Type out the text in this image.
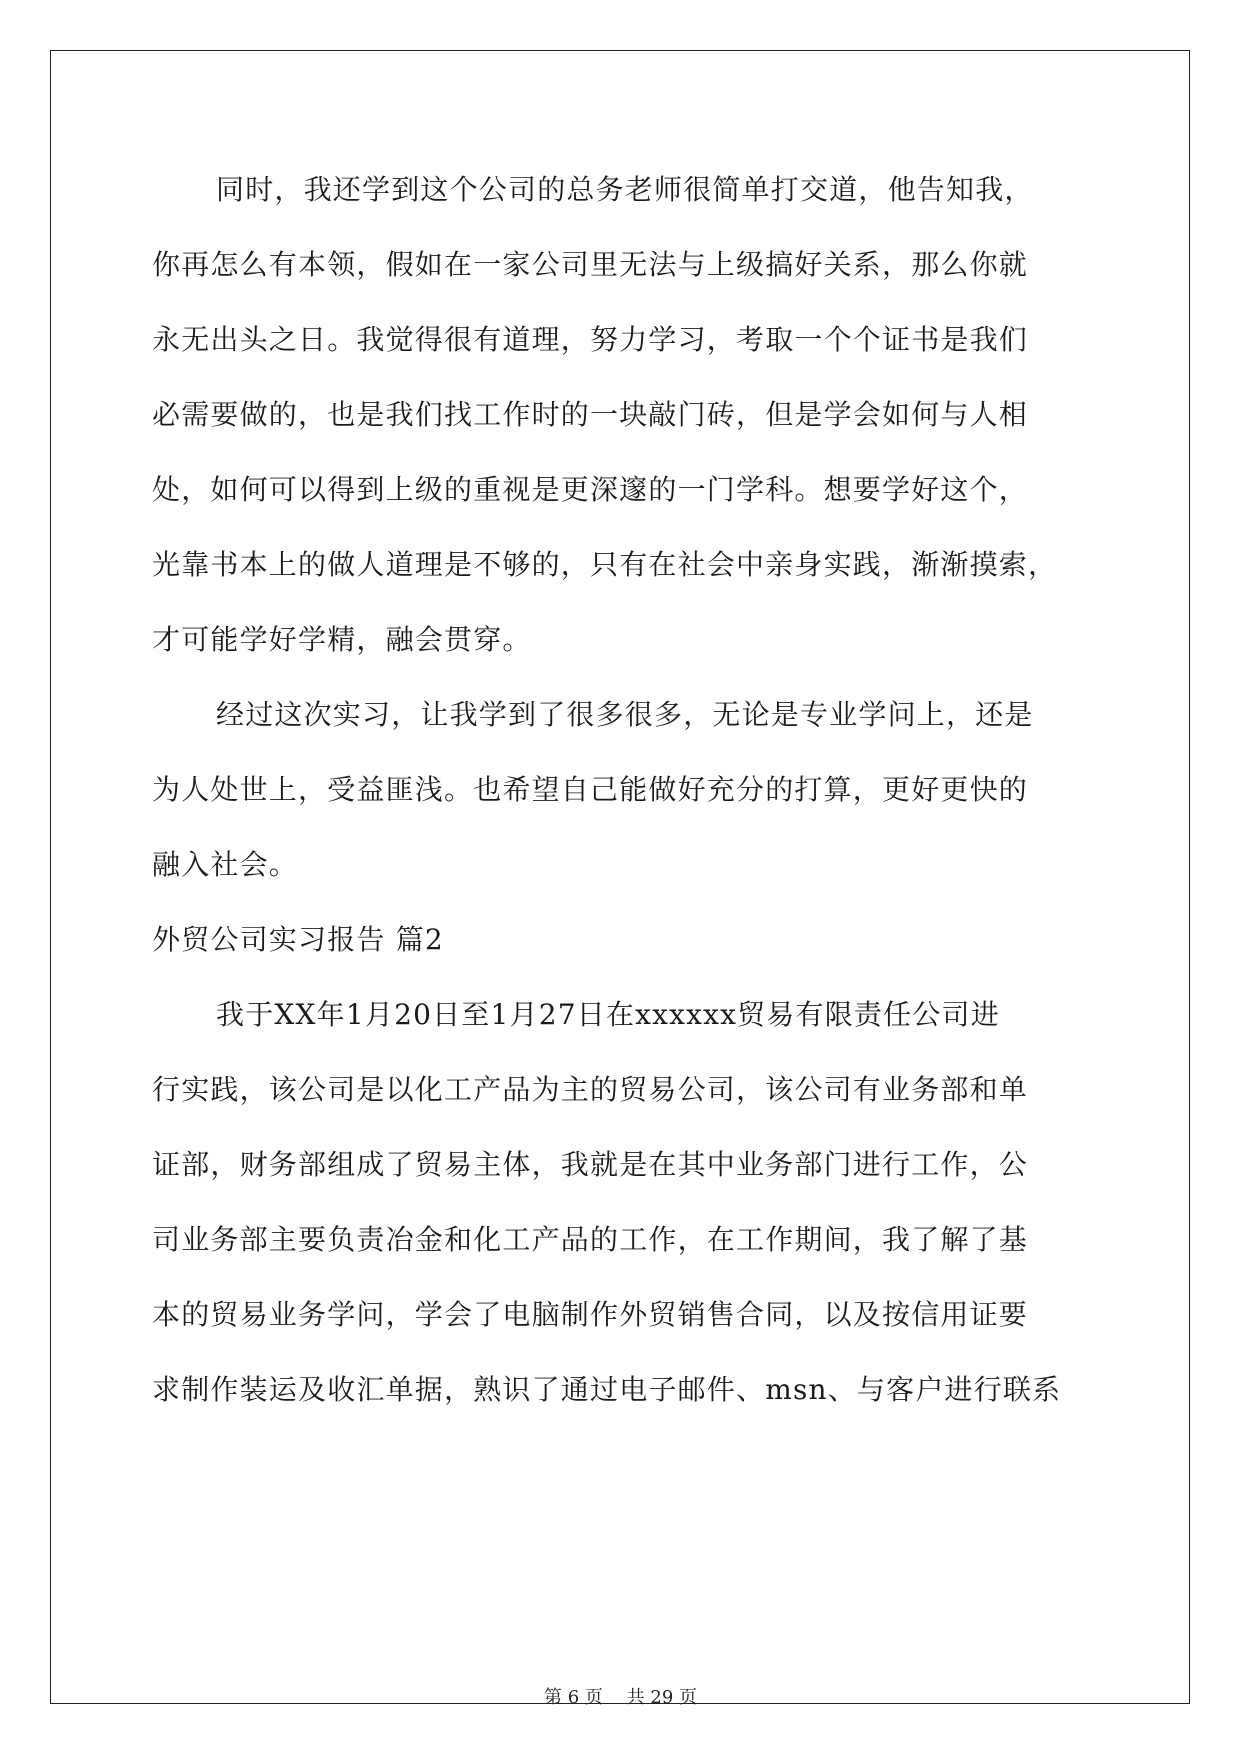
同时，我还学到这个公司的总务老师很简单打交道，他告知我，
你再怎么有本领，假如在一家公司里无法与上级搞好关系，那么你就
永无出头之日。我觉得很有道理，努力学习，考取一个个证书是我们
必需要做的，也是我们找工作时的一块敲门砖，但是学会如何与人相
处，如何可以得到上级的重视是更深邃的一门学科。想要学好这个，
光靠书本上的做人道理是不够的，只有在社会中亲身实践，渐渐摸索，
才可能学好学精，融会贯穿。
经过这次实习，让我学到了很多很多，无论是专业学问上，还是
为人处世上，受益匪浅。也希望自己能做好充分的打算，更好更快的
融入社会。
外贸公司实习报告 篇2
我于XX年1月20日至1月27日在xxxxxx贸易有限责任公司进
行实践，该公司是以化工产品为主的贸易公司，该公司有业务部和单
证部，财务部组成了贸易主体，我就是在其中业务部门进行工作，公
司业务部主要负责冶金和化工产品的工作，在工作期间，我了解了基
本的贸易业务学问，学会了电脑制作外贸销售合同，以及按信用证要
求制作装运及收汇单据，熟识了通过电子邮件、msn、与客户进行联系
第 6 页 共 29 页
